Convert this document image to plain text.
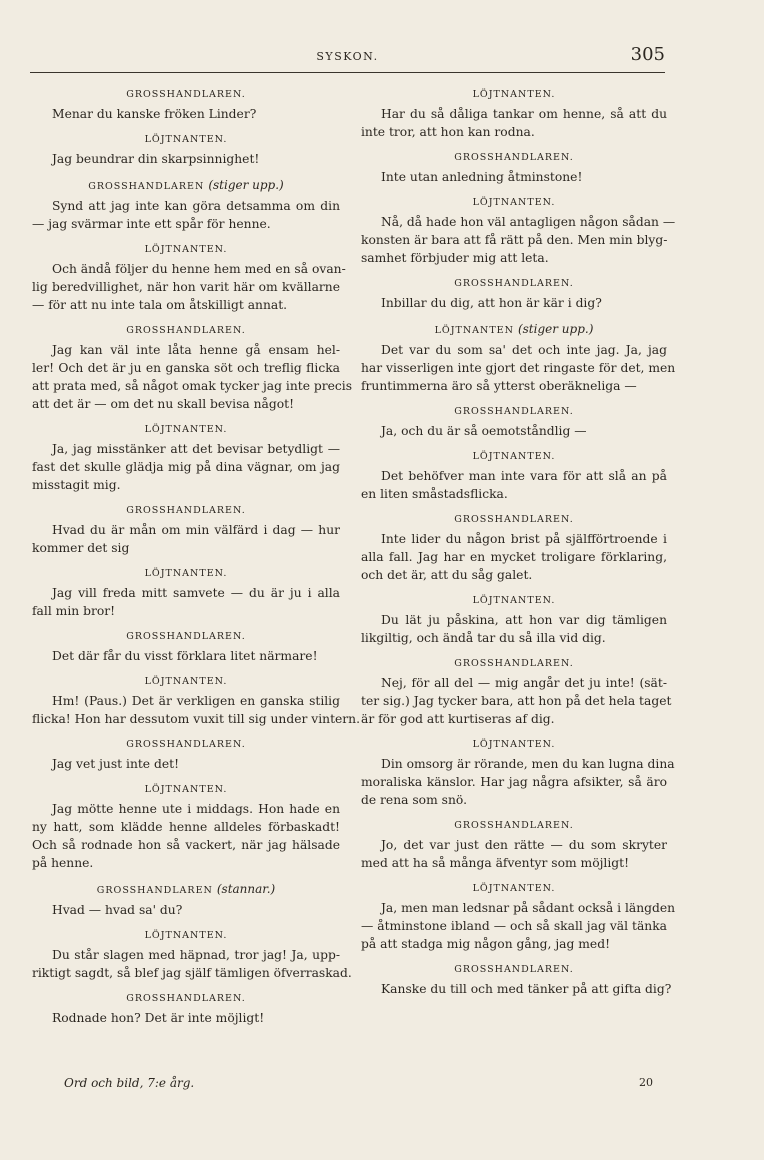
SYSKON.	305

GROSSHANDLAREN.

Menar du kanske fröken Linder?

LÖJTNANTEN.

Jag beundrar din skarpsinnighet!

GROSSHANDLAREN (stiger upp.)

Synd att jag inte kan göra detsamma om din

— jag svärmar inte ett spår för henne.

LÖJTNANTEN.

Och ändå följer du henne hem med en så ovan-

lig beredvillighet, när hon varit här om kvällarne

— för att nu inte tala om åtskilligt annat.

GROSSHANDLAREN.

Jag kan väl inte låta henne gå ensam hel-

ler! Och det är ju en ganska söt och treflig flicka

att prata med, så något omak tycker jag inte precis

att det är — om det nu skall bevisa något!

LÖJTNANTEN.

Ja, jag misstänker att det bevisar betydligt —

fast det skulle glädja mig på dina vägnar, om jag

misstagit mig.

GROSSHANDLAREN.

Hvad du är mån om min välfärd i dag — hur

kommer det sig

LÖJTNANTEN.

Jag vill freda mitt samvete — du är ju i alla

fall min bror!

GROSSHANDLAREN.

Det där får du visst förklara litet närmare!

LÖJTNANTEN.

Hm! (Paus.) Det är verkligen en ganska stilig

flicka! Hon har dessutom vuxit till sig under vintern.

GROSSHANDLAREN.

Jag vet just inte det!

LÖJTNANTEN.

Jag mötte henne ute i middags. Hon hade en

ny hatt, som klädde henne alldeles förbaskadt!

Och så rodnade hon så vackert, när jag hälsade

på henne.

GROSSHANDLAREN (stannar.)

Hvad — hvad sa' du?

LÖJTNANTEN.

Du står slagen med häpnad, tror jag! Ja, upp-

riktigt sagdt, så blef jag själf tämligen öfverraskad.

GROSSHANDLAREN.

Rodnade hon? Det är inte möjligt!

LÖJTNANTEN.

Har du så dåliga tankar om henne, så att du

inte tror, att hon kan rodna.

GROSSHANDLAREN.

Inte utan anledning åtminstone!

LÖJTNANTEN.

Nå, då hade hon väl antagligen någon sådan —

konsten är bara att få rätt på den. Men min blyg-

samhet förbjuder mig att leta.

GROSSHANDLAREN.

Inbillar du dig, att hon är kär i dig?

LÖJTNANTEN (stiger upp.)

Det var du som sa' det och inte jag. Ja, jag

har visserligen inte gjort det ringaste för det, men

fruntimmerna äro så ytterst oberäkneliga —

GROSSHANDLAREN.

Ja, och du är så oemotståndlig —

LÖJTNANTEN.

Det behöfver man inte vara för att slå an på

en liten småstadsflicka.

GROSSHANDLAREN.

Inte lider du någon brist på själfförtroende i

alla fall. Jag har en mycket troligare förklaring,

och det är, att du såg galet.

LÖJTNANTEN.

Du lät ju påskina, att hon var dig tämligen

likgiltig, och ändå tar du så illa vid dig.

GROSSHANDLAREN.

Nej, för all del — mig angår det ju inte! (sät-

ter sig.) Jag tycker bara, att hon på det hela taget

är för god att kurtiseras af dig.

LÖJTNANTEN.

Din omsorg är rörande, men du kan lugna dina

moraliska känslor. Har jag några afsikter, så äro

de rena som snö.

GROSSHANDLAREN.

Jo, det var just den rätte — du som skryter

med att ha så många äfventyr som möjligt!

LÖJTNANTEN.

Ja, men man ledsnar på sådant också i längden

— åtminstone ibland — och så skall jag väl tänka

på att stadga mig någon gång, jag med!

GROSSHANDLAREN.

Kanske du till och med tänker på att gifta dig?

Ord och bild, 7:e årg.	20
